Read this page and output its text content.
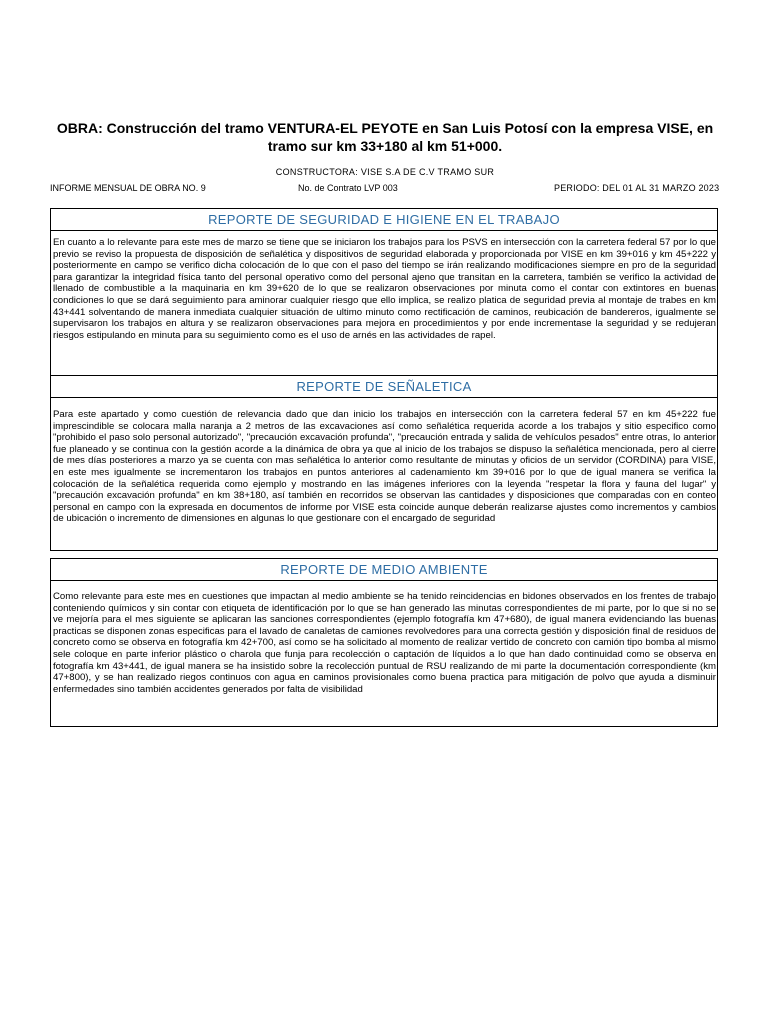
OBRA: Construcción del tramo VENTURA-EL PEYOTE en San Luis Potosí con la empresa VISE, en tramo sur km 33+180 al km 51+000.
CONSTRUCTORA: VISE S.A DE C.V TRAMO SUR
INFORME MENSUAL DE OBRA NO. 9	No. de Contrato LVP 003	PERIODO: DEL 01 AL 31 MARZO 2023
REPORTE DE SEGURIDAD E HIGIENE EN EL TRABAJO
En cuanto a lo relevante para este mes de marzo se tiene que se iniciaron los trabajos para los PSVS en intersección con la carretera federal 57 por lo que previo se reviso la propuesta de disposición de señalética y dispositivos de seguridad elaborada y proporcionada por VISE en km 39+016 y km 45+222 y posteriormente en campo se verifico dicha colocación de lo que con el paso del tiempo se irán realizando modificaciones siempre en pro de la seguridad para garantizar la integridad física tanto del personal operativo como del personal ajeno que transitan en la carretera, también se verifico la actividad de llenado de combustible a la maquinaria en km 39+620 de lo que se realizaron observaciones por minuta como el contar con extintores en buenas condiciones lo que se dará seguimiento para aminorar cualquier riesgo que ello implica, se realizo platica de seguridad previa al montaje de trabes en km 43+441 solventando de manera inmediata cualquier situación de ultimo minuto como rectificación de caminos, reubicación de bandereros, igualmente se supervisaron los trabajos en altura y se realizaron observaciones para mejora en procedimientos y por ende incrementase la seguridad y se redujeran riesgos estipulando en minuta para su seguimiento como es el uso de arnés en las actividades de rapel.
REPORTE DE SEÑALETICA
Para este apartado y como cuestión de relevancia dado que dan inicio los trabajos en intersección con la carretera federal 57 en km 45+222 fue imprescindible se colocara malla naranja a 2 metros de las excavaciones así como señalética requerida acorde a los trabajos y sitio especifico como "prohibido el paso solo personal autorizado", "precaución excavación profunda", "precaución entrada y salida de vehículos pesados" entre otras, lo anterior fue planeado y se continua con la gestión acorde a la dinámica de obra ya que al inicio de los trabajos se dispuso la señalética mencionada, pero al cierre de mes días posteriores a marzo ya se cuenta con mas señalética lo anterior como resultante de minutas y oficios de un servidor (CORDINA) para VISE, en este mes igualmente se incrementaron los trabajos en puntos anteriores al cadenamiento km 39+016 por lo que de igual manera se verifica la colocación de la señalética requerida como ejemplo y mostrando en las imágenes inferiores con la leyenda "respetar la flora y fauna del lugar" y "precaución excavación profunda" en km 38+180, así también en recorridos se observan las cantidades y disposiciones que comparadas con en conteo personal en campo con la expresada en documentos de informe por VISE esta coincide aunque deberán realizarse ajustes como incrementos y cambios de ubicación o incremento de dimensiones en algunas lo que gestionare con el encargado de seguridad
REPORTE DE MEDIO AMBIENTE
Como relevante para este mes en cuestiones que impactan al medio ambiente se ha tenido reincidencias en bidones observados en los frentes de trabajo conteniendo químicos y sin contar con etiqueta de identificación por lo que se han generado las minutas correspondientes de mi parte, por lo que si no se ve mejoría para el mes siguiente se aplicaran las sanciones correspondientes (ejemplo fotografía km 47+680), de igual manera evidenciando las buenas practicas se disponen zonas especificas para el lavado de canaletas de camiones revolvedores para una correcta gestión y disposición final de residuos de concreto como se observa en fotografía km 42+700, así como se ha solicitado al momento de realizar vertido de concreto con camión tipo bomba al mismo sele coloque en parte inferior plástico o charola que funja para recolección o captación de líquidos a lo que han dado continuidad como se observa en fotografía km 43+441, de igual manera se ha insistido sobre la recolección puntual de RSU realizando de mi parte la documentación correspondiente (km 47+800), y se han realizado riegos continuos con agua en caminos provisionales como buena practica para mitigación de polvo que ayuda a disminuir enfermedades sino también accidentes generados por falta de visibilidad
